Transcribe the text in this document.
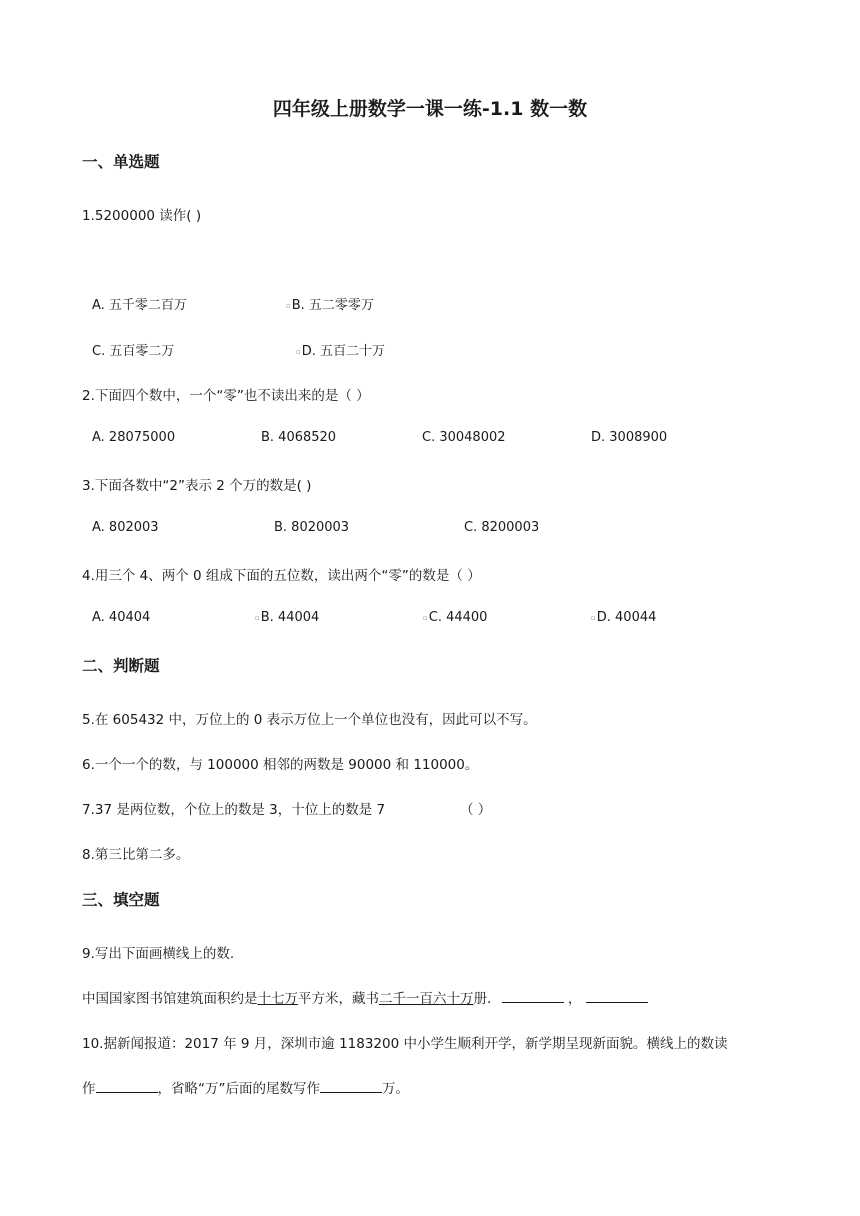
四年级上册数学一课一练-1.1 数一数
一、单选题
1.5200000 读作( )
A. 五千零二百万	▫B. 五二零零万
C. 五百零二万	▫D. 五百二十万
2.下面四个数中，一个“零”也不读出来的是（ ）
A. 28075000	B. 4068520	C. 30048002	D. 3008900
3.下面各数中“2”表示 2 个万的数是( )
A. 802003	B. 8020003	C. 8200003
4.用三个 4、两个 0 组成下面的五位数，读出两个“零”的数是（ ）
A. 40404	▫B. 44004	▫C. 44400	▫D. 40044
二、判断题
5.在 605432 中，万位上的 0 表示万位上一个单位也没有，因此可以不写。
6.一个一个的数，与 100000 相邻的两数是 90000 和 110000。
7.37 是两位数，个位上的数是 3，十位上的数是 7	（ ）
8.第三比第二多。
三、填空题
9.写出下面画横线上的数.
中国国家图书馆建筑面积约是十七万平方米，藏书二千一百六十万册.	，
10.据新闻报道：2017 年 9 月，深圳市逾 1183200 中小学生顺利开学，新学期呈现新面貌。横线上的数读
作	，省略“万”后面的尾数写作	万。
